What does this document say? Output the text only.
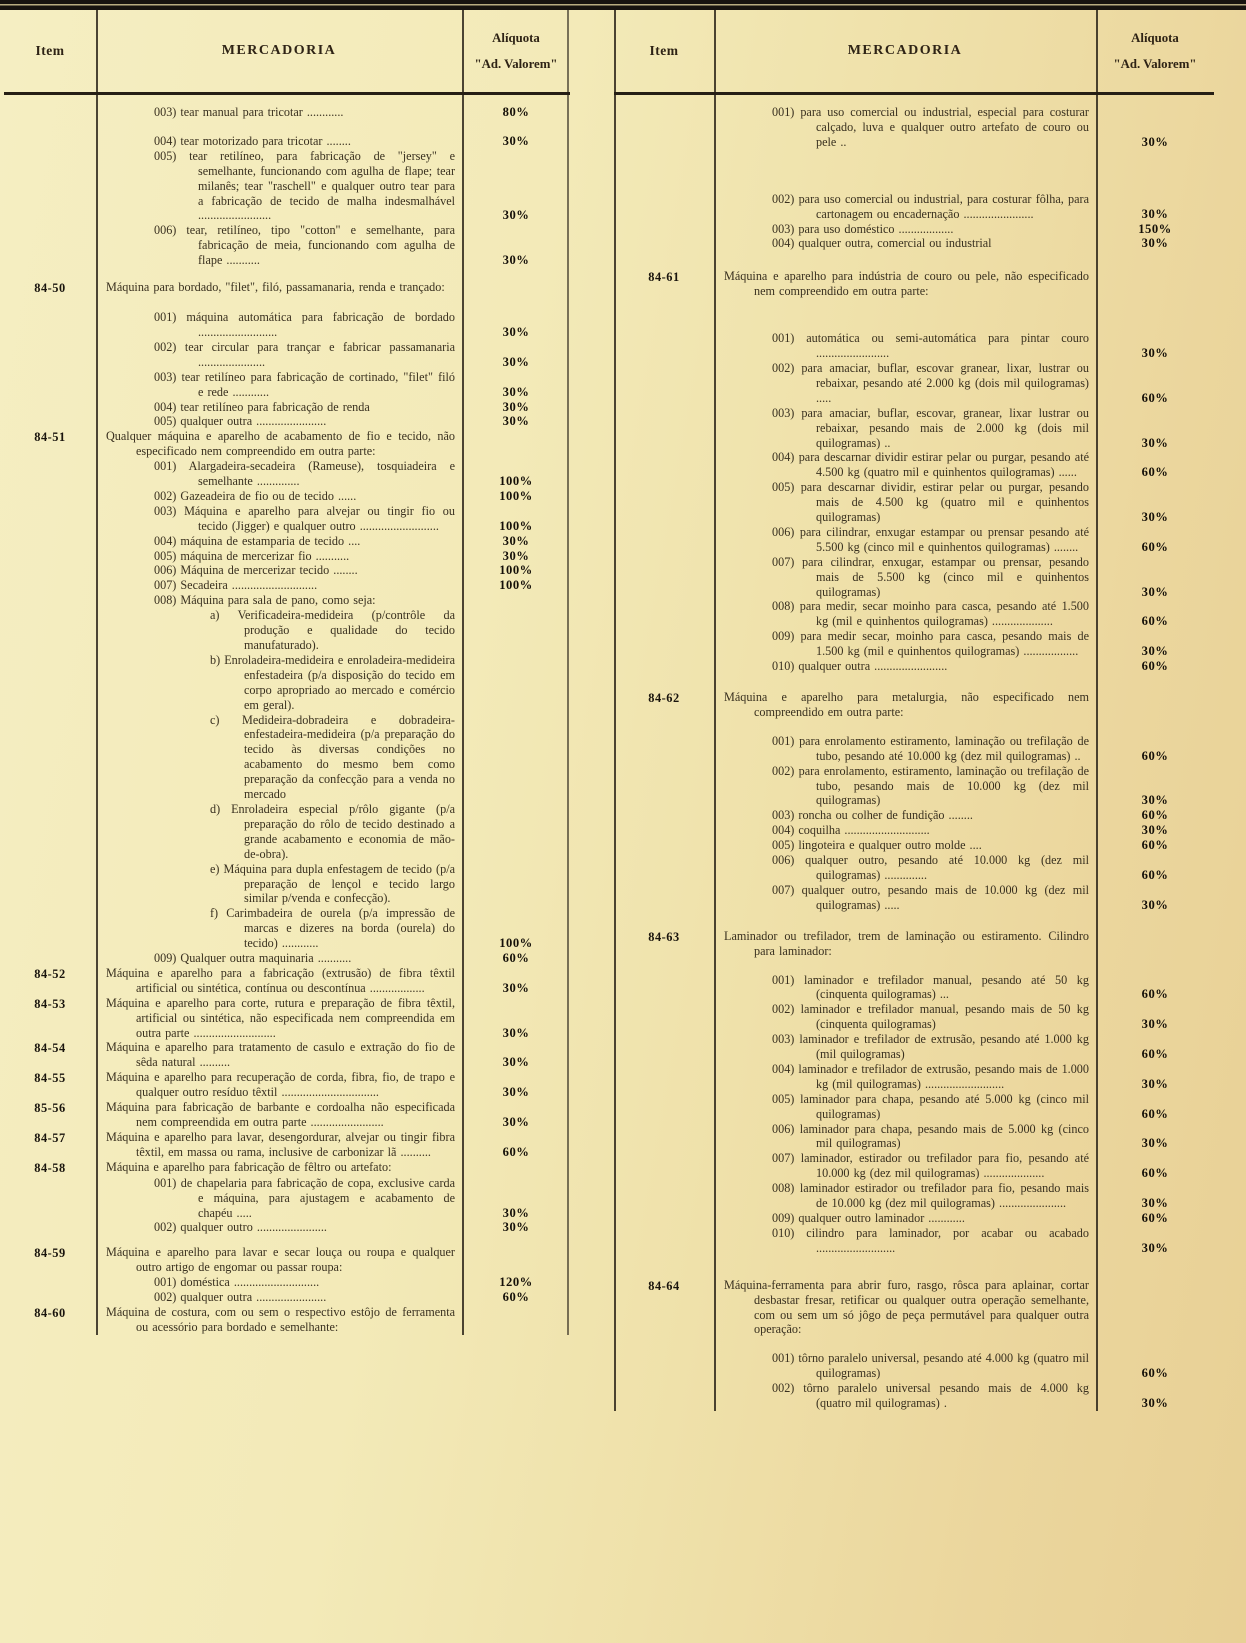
Item	MERCADORIA
Alíquota
"Ad. Valorem"
003) tear manual para tricotar ............	80%
004) tear motorizado para tricotar ........	30%
005) tear retilíneo, para fabricação de "jersey" e semelhante, funcionando com agulha de flape; tear milanês; tear "raschell" e qualquer outro tear para a fabricação de tecido de malha indesmalhável ........................	30%
006) tear, retilíneo, tipo "cotton" e semelhante, para fabricação de meia, funcionando com agulha de flape ...........	30%
84-50	Máquina para bordado, "filet", filó, passamanaria, renda e trançado:
001) máquina automática para fabricação de bordado ..........................	30%
002) tear circular para trançar e fabricar passamanaria ......................	30%
003) tear retilíneo para fabricação de cortinado, "filet" filó e rede ............	30%
004) tear retilíneo para fabricação de renda	30%
005) qualquer outra .......................	30%
84-51	Qualquer máquina e aparelho de acabamento de fio e tecido, não especificado nem compreendido em outra parte:
001) Alargadeira-secadeira (Rameuse), tosquiadeira e semelhante ..............	100%
002) Gazeadeira de fio ou de tecido ......	100%
003) Máquina e aparelho para alvejar ou tingir fio ou tecido (Jigger) e qualquer outro ..........................	100%
004) máquina de estamparia de tecido ....	30%
005) máquina de mercerizar fio ...........	30%
006) Máquina de mercerizar tecido ........	100%
007) Secadeira ............................	100%
008) Máquina para sala de pano, como seja:
a) Verificadeira-medideira (p/contrôle da produção e qualidade do tecido manufaturado).
b) Enroladeira-medideira e enroladeira-medideira enfestadeira (p/a disposição do tecido em corpo apropriado ao mercado e comércio em geral).
c) Medideira-dobradeira e dobradeira-enfestadeira-medideira (p/a preparação do tecido às diversas condições no acabamento do mesmo bem como preparação da confecção para a venda no mercado
d) Enroladeira especial p/rôlo gigante (p/a preparação do rôlo de tecido destinado a grande acabamento e economia de mão-de-obra).
e) Máquina para dupla enfestagem de tecido (p/a preparação de lençol e tecido largo similar p/venda e confecção).
f) Carimbadeira de ourela (p/a impressão de marcas e dizeres na borda (ourela) do tecido) ............	100%
009) Qualquer outra maquinaria ...........	60%
84-52	Máquina e aparelho para a fabricação (extrusão) de fibra têxtil artificial ou sintética, contínua ou descontínua ..................	30%
84-53	Máquina e aparelho para corte, rutura e preparação de fibra têxtil, artificial ou sintética, não especificada nem compreendida em outra parte ...........................	30%
84-54	Máquina e aparelho para tratamento de casulo e extração do fio de sêda natural ..........	30%
84-55	Máquina e aparelho para recuperação de corda, fibra, fio, de trapo e qualquer outro resíduo têxtil ................................	30%
85-56	Máquina para fabricação de barbante e cordoalha não especificada nem compreendida em outra parte ........................	30%
84-57	Máquina e aparelho para lavar, desengordurar, alvejar ou tingir fibra têxtil, em massa ou rama, inclusive de carbonizar lã ..........	60%
84-58	Máquina e aparelho para fabricação de fêltro ou artefato:
001) de chapelaria para fabricação de copa, exclusive carda e máquina, para ajustagem e acabamento de chapéu .....	30%
002) qualquer outro .......................	30%
84-59	Máquina e aparelho para lavar e secar louça ou roupa e qualquer outro artigo de engomar ou passar roupa:
001) doméstica ............................	120%
002) qualquer outra .......................	60%
84-60	Máquina de costura, com ou sem o respectivo estôjo de ferramenta ou acessório para bordado e semelhante:
Item	MERCADORIA
Alíquota
"Ad. Valorem"
001) para uso comercial ou industrial, especial para costurar calçado, luva e qualquer outro artefato de couro ou pele ..	30%
002) para uso comercial ou industrial, para costurar fôlha, para cartonagem ou encadernação .......................	30%
003) para uso doméstico ..................	150%
004) qualquer outra, comercial ou industrial	30%
84-61	Máquina e aparelho para indústria de couro ou pele, não especificado nem compreendido em outra parte:
001) automática ou semi-automática para pintar couro ........................	30%
002) para amaciar, buflar, escovar granear, lixar, lustrar ou rebaixar, pesando até 2.000 kg (dois mil quilogramas) .....	60%
003) para amaciar, buflar, escovar, granear, lixar lustrar ou rebaixar, pesando mais de 2.000 kg (dois mil quilogramas) ..	30%
004) para descarnar dividir estirar pelar ou purgar, pesando até 4.500 kg (quatro mil e quinhentos quilogramas) ......	60%
005) para descarnar dividir, estirar pelar ou purgar, pesando mais de 4.500 kg (quatro mil e quinhentos quilogramas)	30%
006) para cilindrar, enxugar estampar ou prensar pesando até 5.500 kg (cinco mil e quinhentos quilogramas) ........	60%
007) para cilindrar, enxugar, estampar ou prensar, pesando mais de 5.500 kg (cinco mil e quinhentos quilogramas)	30%
008) para medir, secar moinho para casca, pesando até 1.500 kg (mil e quinhentos quilogramas) ....................	60%
009) para medir secar, moinho para casca, pesando mais de 1.500 kg (mil e quinhentos quilogramas) ..................	30%
010) qualquer outra ........................	60%
84-62	Máquina e aparelho para metalurgia, não especificado nem compreendido em outra parte:
001) para enrolamento estiramento, laminação ou trefilação de tubo, pesando até 10.000 kg (dez mil quilogramas) ..	60%
002) para enrolamento, estiramento, laminação ou trefilação de tubo, pesando mais de 10.000 kg (dez mil quilogramas)	30%
003) roncha ou colher de fundição ........	60%
004) coquilha ............................	30%
005) lingoteira e qualquer outro molde ....	60%
006) qualquer outro, pesando até 10.000 kg (dez mil quilogramas) ..............	60%
007) qualquer outro, pesando mais de 10.000 kg (dez mil quilogramas) .....	30%
84-63	Laminador ou trefilador, trem de laminação ou estiramento. Cilindro para laminador:
001) laminador e trefilador manual, pesando até 50 kg (cinquenta quilogramas) ...	60%
002) laminador e trefilador manual, pesando mais de 50 kg (cinquenta quilogramas)	30%
003) laminador e trefilador de extrusão, pesando até 1.000 kg (mil quilogramas)	60%
004) laminador e trefilador de extrusão, pesando mais de 1.000 kg (mil quilogramas) ..........................	30%
005) laminador para chapa, pesando até 5.000 kg (cinco mil quilogramas)	60%
006) laminador para chapa, pesando mais de 5.000 kg (cinco mil quilogramas)	30%
007) laminador, estirador ou trefilador para fio, pesando até 10.000 kg (dez mil quilogramas) ....................	60%
008) laminador estirador ou trefilador para fio, pesando mais de 10.000 kg (dez mil quilogramas) ......................	30%
009) qualquer outro laminador ............	60%
010) cilindro para laminador, por acabar ou acabado ..........................	30%
84-64	Máquina-ferramenta para abrir furo, rasgo, rôsca para aplainar, cortar desbastar fresar, retificar ou qualquer outra operação semelhante, com ou sem um só jôgo de peça permutável para qualquer outra operação:
001) tôrno paralelo universal, pesando até 4.000 kg (quatro mil quilogramas)	60%
002) tôrno paralelo universal pesando mais de 4.000 kg (quatro mil quilogramas) .	30%
